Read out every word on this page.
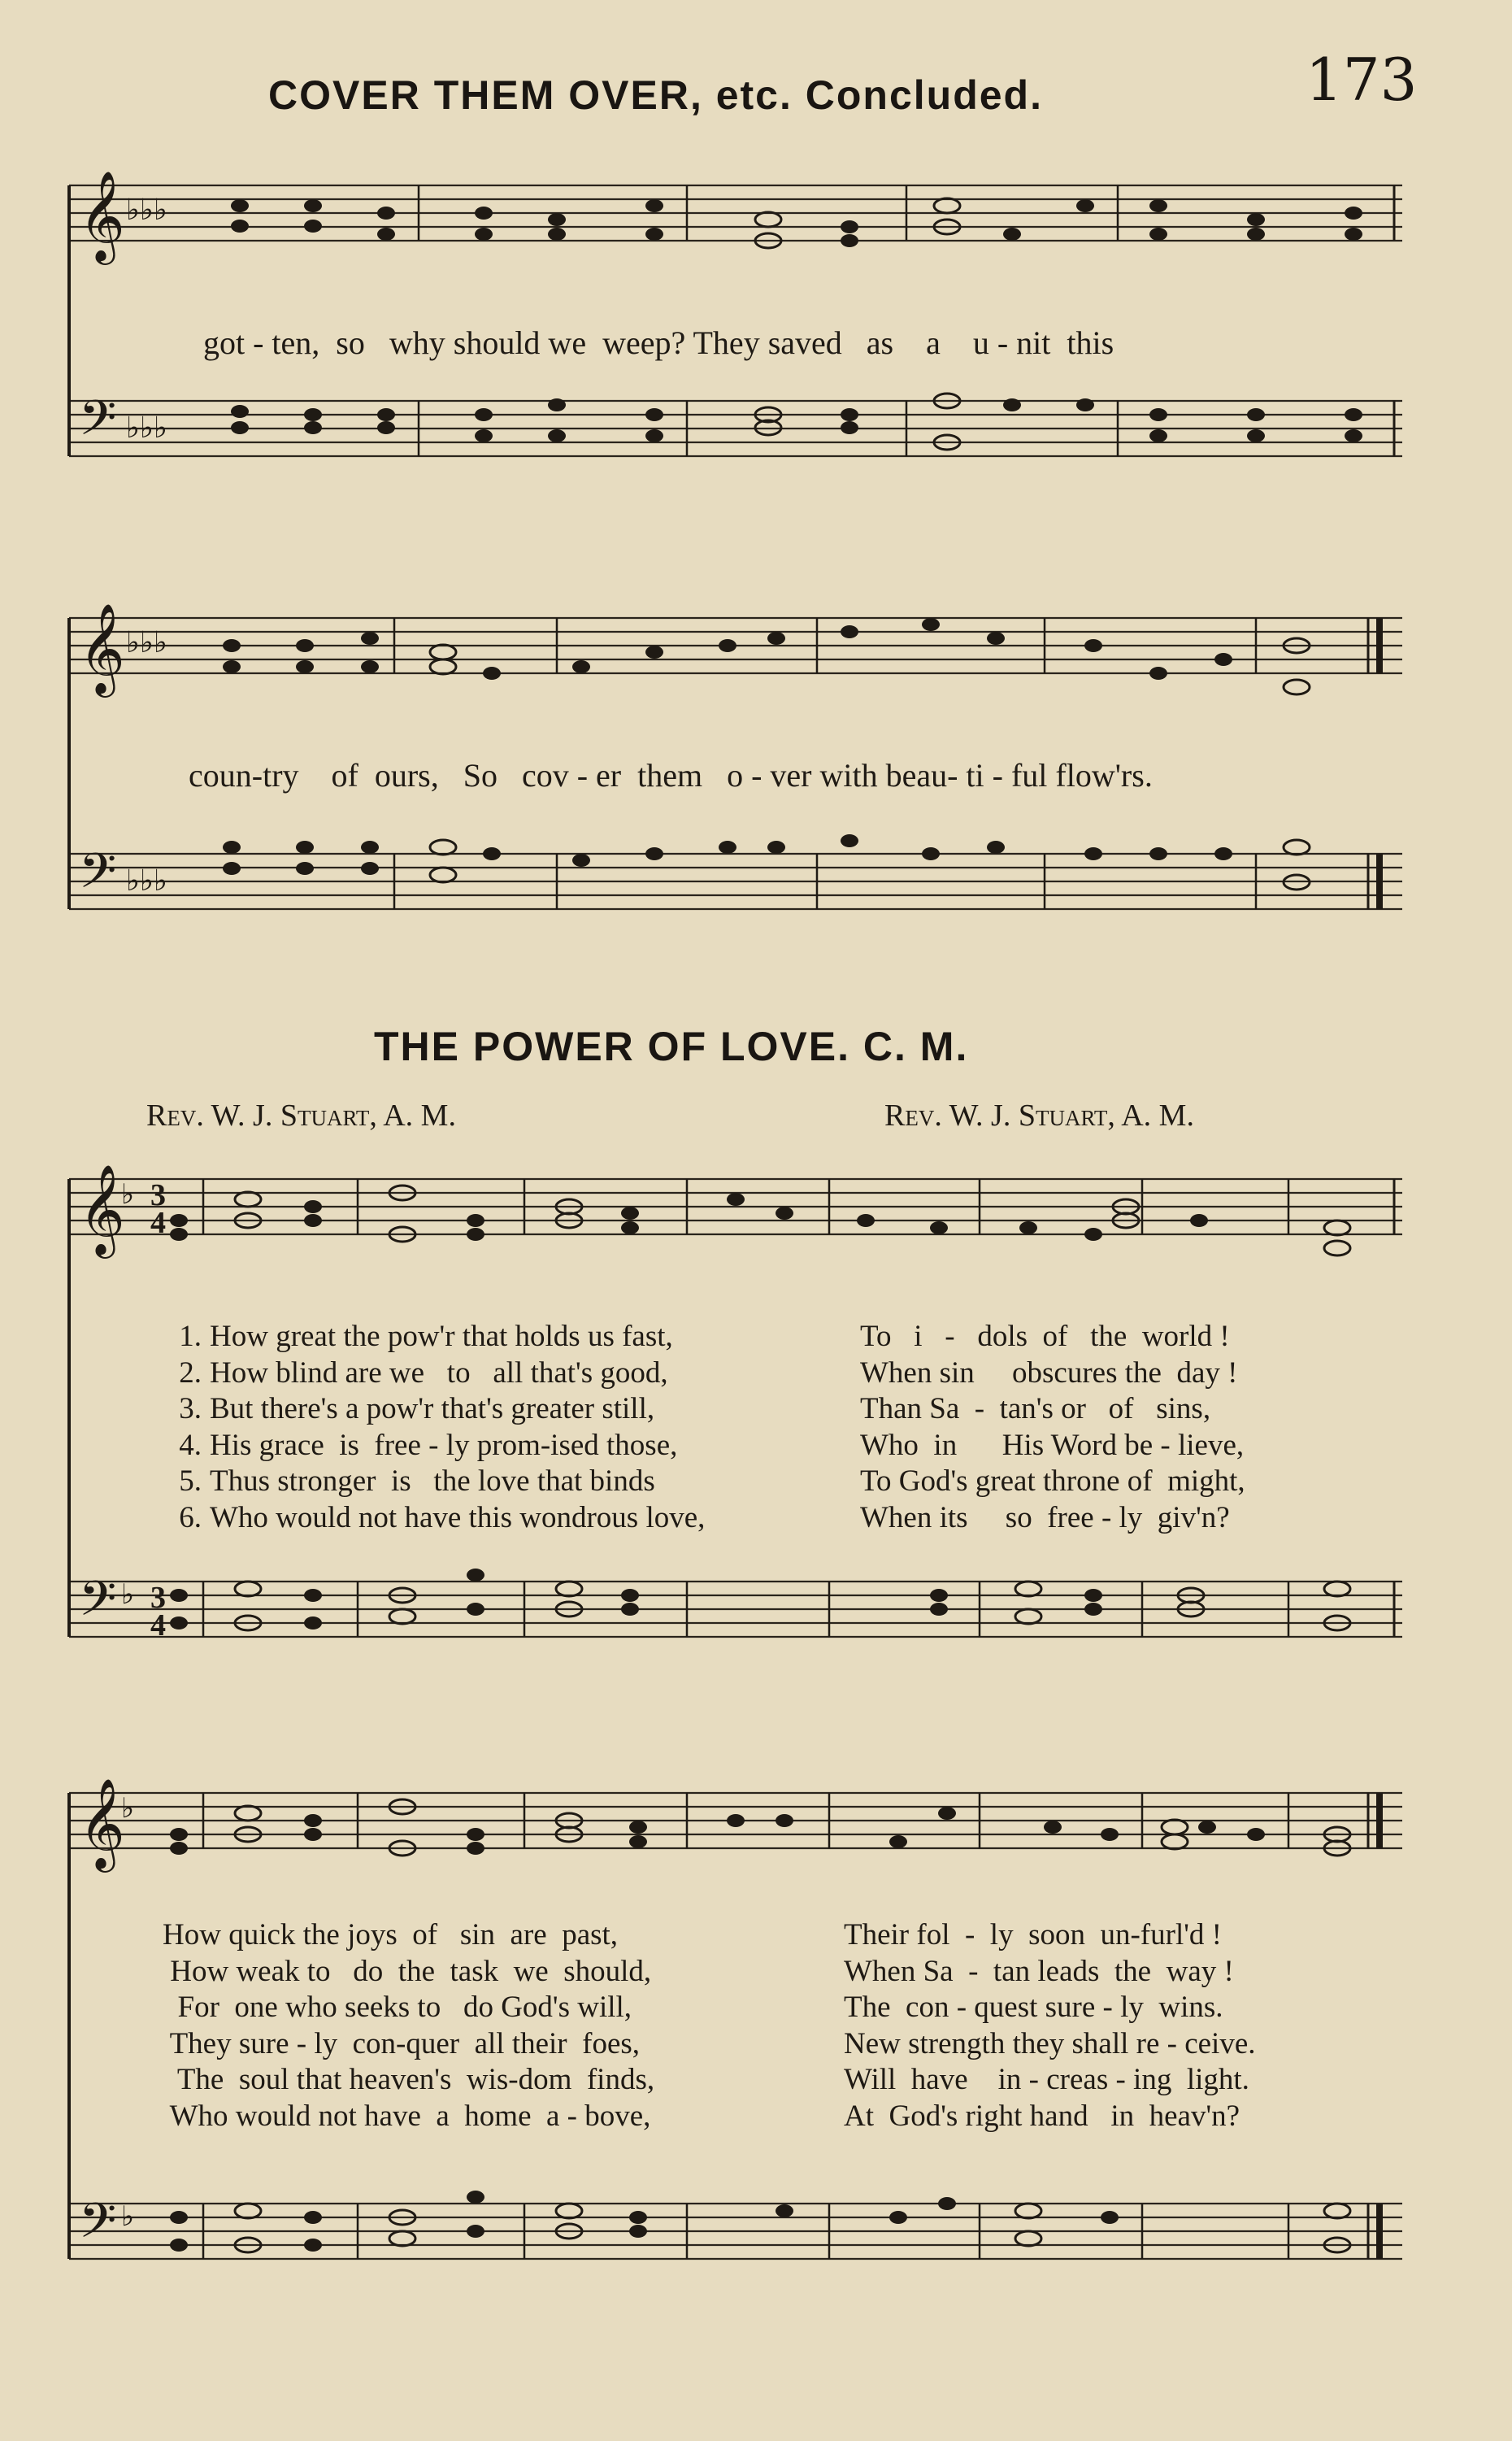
COVER THEM OVER, etc. Concluded.	173
𝄞
𝄢
♭♭♭
♭♭♭
𝄞
𝄢
♭♭♭
♭♭♭
𝄞
𝄢
♭
♭
3
4
3
4
𝄞
𝄢
♭
♭
got - ten,  so   why should we  weep? They saved   as    a    u - nit  this
coun-try    of  ours,   So   cov - er  them   o - ver with beau- ti - ful flow'rs.
THE POWER OF LOVE. C. M.
Rev. W. J. Stuart, A. M.	Rev. W. J. Stuart, A. M.
1. How great the pow'r that holds us fast,	To   i   -   dols  of   the  world !
2. How blind are we   to   all that's good,	When sin     obscures the  day !
3. But there's a pow'r that's greater still,	Than Sa  -  tan's or   of   sins,
4. His grace  is  free - ly prom-ised those,	Who  in      His Word be - lieve,
5. Thus stronger  is   the love that binds	To God's great throne of  might,
6. Who would not have this wondrous love,	When its     so  free - ly  giv'n?
How quick the joys  of   sin  are  past,	Their fol  -  ly  soon  un-furl'd !
How weak to   do  the  task  we  should,	When Sa  -  tan leads  the  way !
For  one who seeks to   do God's will,	The  con - quest sure - ly  wins.
They sure - ly  con-quer  all their  foes,	New strength they shall re - ceive.
The  soul that heaven's  wis-dom  finds,	Will  have    in - creas - ing  light.
Who would not have  a  home  a - bove,	At  God's right hand   in  heav'n?
